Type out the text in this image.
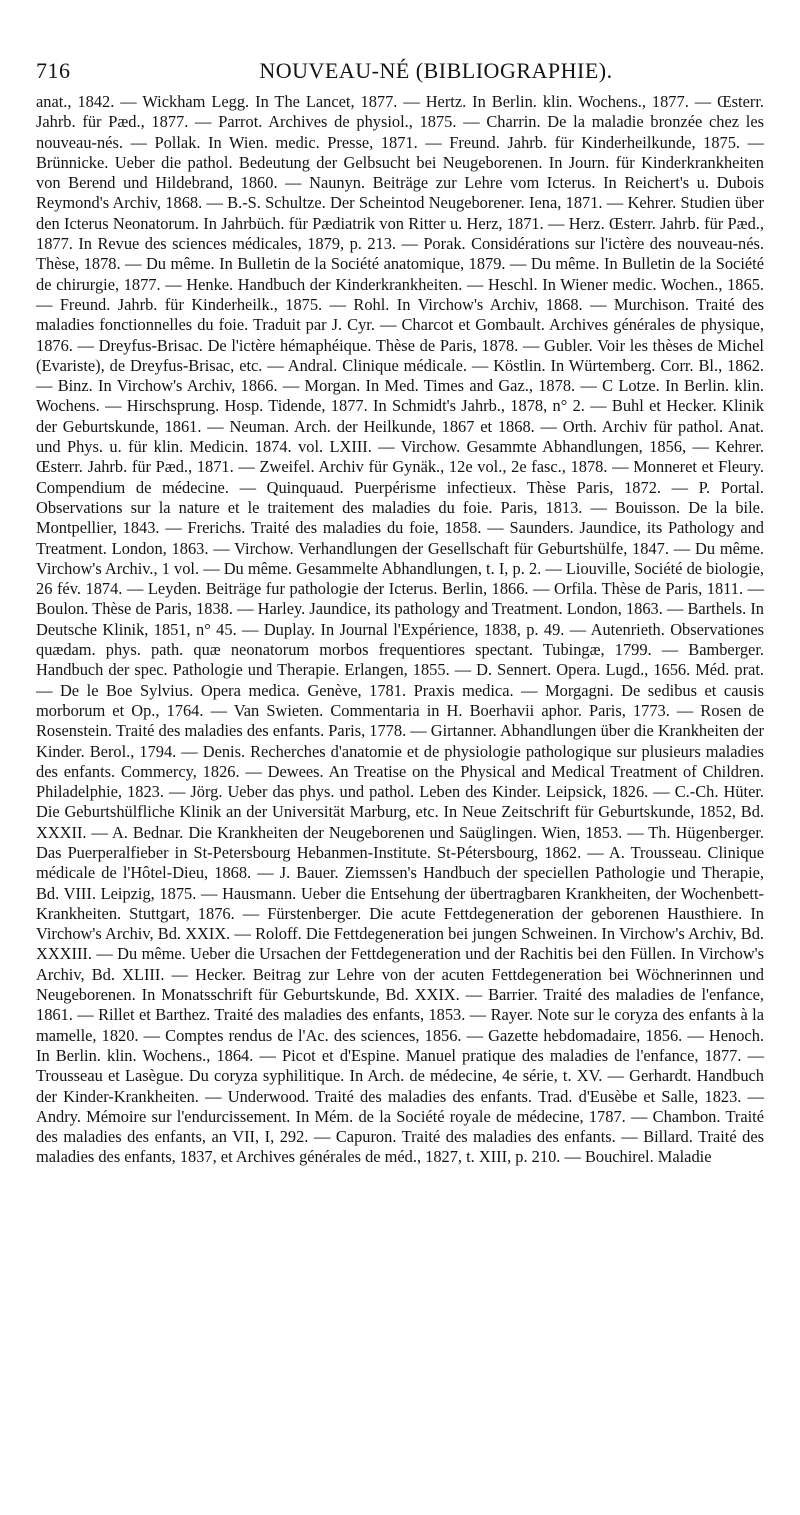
716	NOUVEAU-NÉ (BIBLIOGRAPHIE).
anat., 1842. — Wickham Legg. In The Lancet, 1877. — Hertz. In Berlin. klin. Wochens., 1877. — Œsterr. Jahrb. für Pæd., 1877. — Parrot. Archives de physiol., 1875. — Charrin. De la maladie bronzée chez les nouveau-nés. — Pollak. In Wien. medic. Presse, 1871. — Freund. Jahrb. für Kinderheilkunde, 1875. — Brünnicke. Ueber die pathol. Bedeutung der Gelbsucht bei Neugeborenen. In Journ. für Kinderkrankheiten von Berend und Hildebrand, 1860. — Naunyn. Beiträge zur Lehre vom Icterus. In Reichert's u. Dubois Reymond's Archiv, 1868. — B.-S. Schultze. Der Scheintod Neugeborener. Iena, 1871. — Kehrer. Studien über den Icterus Neonatorum. In Jahrbüch. für Pædiatrik von Ritter u. Herz, 1871. — Herz. Œsterr. Jahrb. für Pæd., 1877. In Revue des sciences médicales, 1879, p. 213. — Porak. Considérations sur l'ictère des nouveau-nés. Thèse, 1878. — Du même. In Bulletin de la Société anatomique, 1879. — Du même. In Bulletin de la Société de chirurgie, 1877. — Henke. Handbuch der Kinderkrankheiten. — Heschl. In Wiener medic. Wochen., 1865. — Freund. Jahrb. für Kinderheilk., 1875. — Rohl. In Virchow's Archiv, 1868. — Murchison. Traité des maladies fonctionnelles du foie. Traduit par J. Cyr. — Charcot et Gombault. Archives générales de physique, 1876. — Dreyfus-Brisac. De l'ictère hémaphéique. Thèse de Paris, 1878. — Gubler. Voir les thèses de Michel (Evariste), de Dreyfus-Brisac, etc. — Andral. Clinique médicale. — Köstlin. In Würtemberg. Corr. Bl., 1862. — Binz. In Virchow's Archiv, 1866. — Morgan. In Med. Times and Gaz., 1878. — C Lotze. In Berlin. klin. Wochens. — Hirschsprung. Hosp. Tidende, 1877. In Schmidt's Jahrb., 1878, n° 2. — Buhl et Hecker. Klinik der Geburtskunde, 1861. — Neuman. Arch. der Heilkunde, 1867 et 1868. — Orth. Archiv für pathol. Anat. und Phys. u. für klin. Medicin. 1874. vol. LXIII. — Virchow. Gesammte Abhandlungen, 1856, — Kehrer. Œsterr. Jahrb. für Pæd., 1871. — Zweifel. Archiv für Gynäk., 12e vol., 2e fasc., 1878. — Monneret et Fleury. Compendium de médecine. — Quinquaud. Puerpérisme infectieux. Thèse Paris, 1872. — P. Portal. Observations sur la nature et le traitement des maladies du foie. Paris, 1813. — Bouisson. De la bile. Montpellier, 1843. — Frerichs. Traité des maladies du foie, 1858. — Saunders. Jaundice, its Pathology and Treatment. London, 1863. — Virchow. Verhandlungen der Gesellschaft für Geburtshülfe, 1847. — Du même. Virchow's Archiv., 1 vol. — Du même. Gesammelte Abhandlungen, t. I, p. 2. — Liouville, Société de biologie, 26 fév. 1874. — Leyden. Beiträge fur pathologie der Icterus. Berlin, 1866. — Orfila. Thèse de Paris, 1811. — Boulon. Thèse de Paris, 1838. — Harley. Jaundice, its pathology and Treatment. London, 1863. — Barthels. In Deutsche Klinik, 1851, n° 45. — Duplay. In Journal l'Expérience, 1838, p. 49. — Autenrieth. Observationes quædam. phys. path. quæ neonatorum morbos frequentiores spectant. Tubingæ, 1799. — Bamberger. Handbuch der spec. Pathologie und Therapie. Erlangen, 1855. — D. Sennert. Opera. Lugd., 1656. Méd. prat. — De le Boe Sylvius. Opera medica. Genève, 1781. Praxis medica. — Morgagni. De sedibus et causis morborum et Op., 1764. — Van Swieten. Commentaria in H. Boerhavii aphor. Paris, 1773. — Rosen de Rosenstein. Traité des maladies des enfants. Paris, 1778. — Girtanner. Abhandlungen über die Krankheiten der Kinder. Berol., 1794. — Denis. Recherches d'anatomie et de physiologie pathologique sur plusieurs maladies des enfants. Commercy, 1826. — Dewees. An Treatise on the Physical and Medical Treatment of Children. Philadelphie, 1823. — Jörg. Ueber das phys. und pathol. Leben des Kinder. Leipsick, 1826. — C.-Ch. Hüter. Die Geburtshülfliche Klinik an der Universität Marburg, etc. In Neue Zeitschrift für Geburtskunde, 1852, Bd. XXXII. — A. Bednar. Die Krankheiten der Neugeborenen und Saüglingen. Wien, 1853. — Th. Hügenberger. Das Puerperalfieber in St-Petersbourg Hebanmen-Institute. St-Pétersbourg, 1862. — A. Trousseau. Clinique médicale de l'Hôtel-Dieu, 1868. — J. Bauer. Ziemssen's Handbuch der speciellen Pathologie und Therapie, Bd. VIII. Leipzig, 1875. — Hausmann. Ueber die Entsehung der übertragbaren Krankheiten, der Wochenbett-Krankheiten. Stuttgart, 1876. — Fürstenberger. Die acute Fettdegeneration der geborenen Hausthiere. In Virchow's Archiv, Bd. XXIX. — Roloff. Die Fettdegeneration bei jungen Schweinen. In Virchow's Archiv, Bd. XXXIII. — Du même. Ueber die Ursachen der Fettdegeneration und der Rachitis bei den Füllen. In Virchow's Archiv, Bd. XLIII. — Hecker. Beitrag zur Lehre von der acuten Fettdegeneration bei Wöchnerinnen und Neugeborenen. In Monatsschrift für Geburtskunde, Bd. XXIX. — Barrier. Traité des maladies de l'enfance, 1861. — Rillet et Barthez. Traité des maladies des enfants, 1853. — Rayer. Note sur le coryza des enfants à la mamelle, 1820. — Comptes rendus de l'Ac. des sciences, 1856. — Gazette hebdomadaire, 1856. — Henoch. In Berlin. klin. Wochens., 1864. — Picot et d'Espine. Manuel pratique des maladies de l'enfance, 1877. — Trousseau et Lasègue. Du coryza syphilitique. In Arch. de médecine, 4e série, t. XV. — Gerhardt. Handbuch der Kinder-Krankheiten. — Underwood. Traité des maladies des enfants. Trad. d'Eusèbe et Salle, 1823. — Andry. Mémoire sur l'endurcissement. In Mém. de la Société royale de médecine, 1787. — Chambon. Traité des maladies des enfants, an VII, I, 292. — Capuron. Traité des maladies des enfants. — Billard. Traité des maladies des enfants, 1837, et Archives générales de méd., 1827, t. XIII, p. 210. — Bouchirel. Maladie
